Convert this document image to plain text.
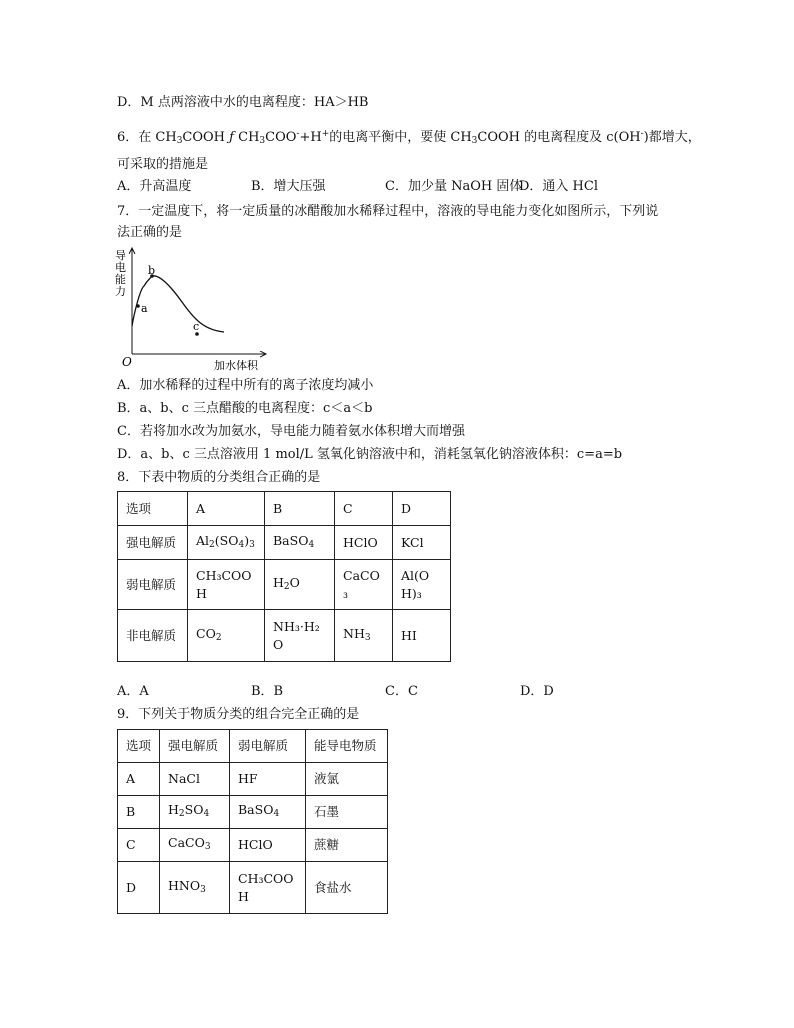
D．M 点两溶液中水的电离程度：HA＞HB
6．在 $CH_3COOH$ ƒ $CH_3COO^-+H^+$的电离平衡中，要使 $CH_3COOH$ 的电离程度及 c(OH-)都增大，
可采取的措施是
A．升高温度	B．增大压强	C．加少量 NaOH 固体
D．通入 HCl
7．一定温度下，将一定质量的冰醋酸加水稀释过程中，溶液的导电能力变化如图所示，下列说
法正确的是
a
b
c
O	加水体积
导
电
能
力
A．加水稀释的过程中所有的离子浓度均减小
B．a、b、c 三点醋酸的电离程度：c＜a＜b
C．若将加水改为加氨水，导电能力随着氨水体积增大而增强
D．a、b、c 三点溶液用 1 mol/L 氢氧化钠溶液中和，消耗氢氧化钠溶液体积：c=a=b
8．下表中物质的分类组合正确的是
选项	A	B	C	D
强电解质	$Al_2(SO_4)_3$	BaSO$_4$	HClO	KCl
弱电解质	CH₃COOH	$H_2O$	CaCO₃	Al(OH)₃
非电解质	$CO_2$	NH₃·H₂O	$NH_3$	HI
A．A	B．B	C．C	D．D
9．下列关于物质分类的组合完全正确的是
选项	强电解质	弱电解质	能导电物质
A	NaCl	HF	液氯
B	$H_2SO_4$	BaSO$_4$	石墨
C	CaCO$_3$	HClO	蔗糖
D	$HNO_3$	CH₃COOH	食盐水
